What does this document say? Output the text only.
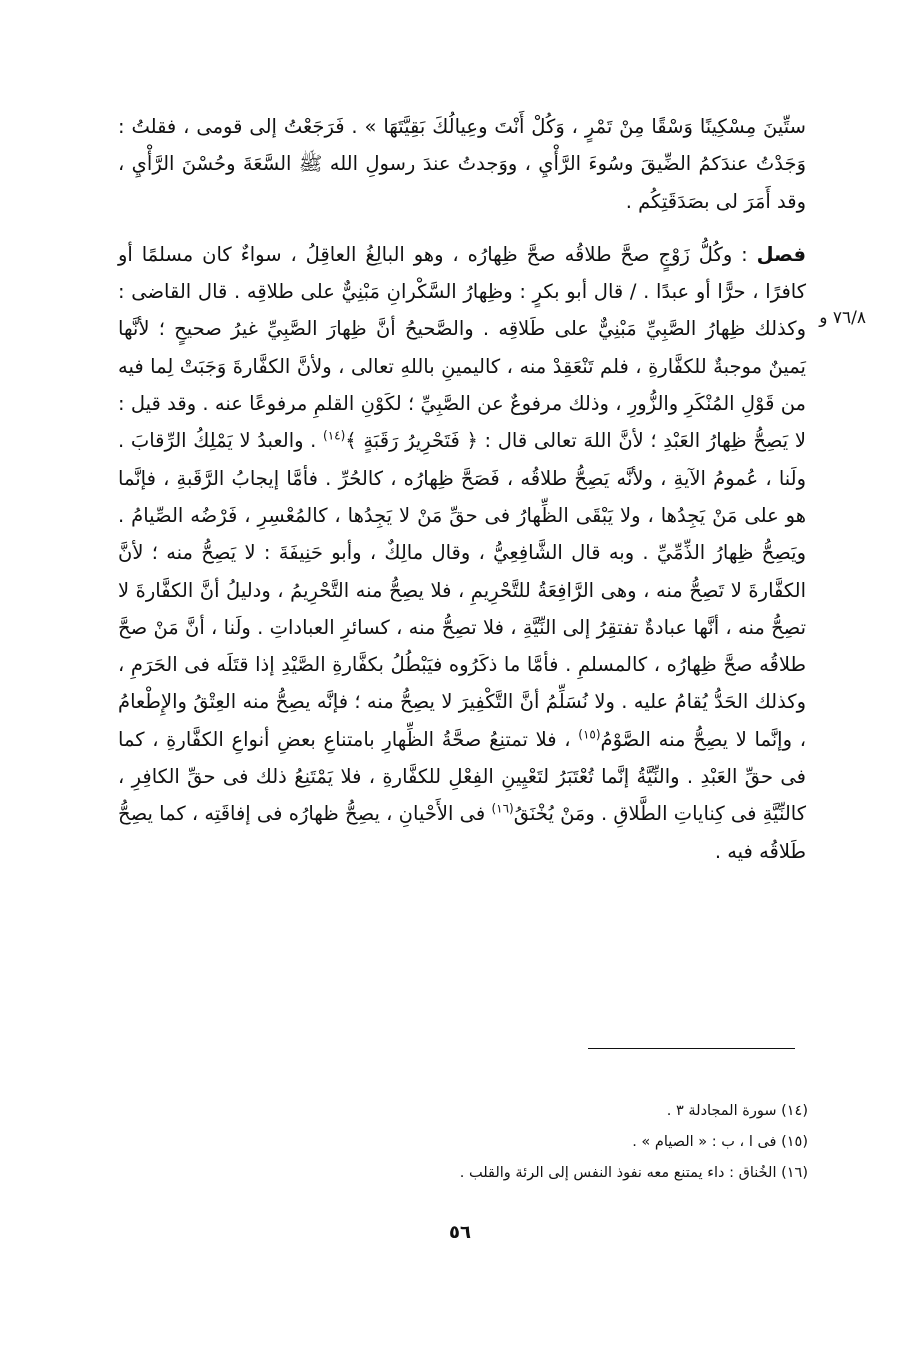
ستِّينَ مِسْكِينًا وَسْقًا مِنْ تَمْرٍ ، وَكُلْ أَنْتَ وعِيالُكَ بَقِيَّتَهَا » . فَرَجَعْتُ إلى قومى ، فقلتُ : وَجَدْتُ عندَكمُ الضِّيقَ وسُوءَ الرَّأْيِ ، ووَجدتُ عندَ رسولِ الله ﷺ السَّعَةَ وحُسْنَ الرَّأْيِ ، وقد أَمَرَ لى بصَدَقَتِكُم .

فصل : وكُلُّ زَوْجٍ صحَّ طلاقُه صحَّ ظِهارُه ، وهو البالِغُ العاقِلُ ، سواءٌ كان مسلمًا أو كافرًا ، حرًّا أو عبدًا . / قال أبو بكرٍ : وظِهارُ السَّكْرانِ مَبْنِيٌّ على طلاقِه . قال القاضى : وكذلك ظِهارُ الصَّبِيِّ مَبْنِيٌّ على طَلاقِه . والصَّحيحُ أنَّ ظِهارَ الصَّبِيِّ غيرُ صحيحٍ ؛ لأنَّها يَمينٌ موجبةٌ للكفَّارةِ ، فلم تَنْعَقِدْ منه ، كاليمينِ باللهِ تعالى ، ولأنَّ الكفَّارةَ وَجَبَتْ لِما فيه من قَوْلِ المُنْكَرِ والزُّورِ ، وذلك مرفوعٌ عن الصَّبِيِّ ؛ لكَوْنِ القلمِ مرفوعًا عنه . وقد قيل : لا يَصِحُّ ظِهارُ العَبْدِ ؛ لأنَّ اللهَ تعالى قال : ﴿ فَتَحْرِيرُ رَقَبَةٍ ﴾$^{(١٤)}$ . والعبدُ لا يَمْلِكُ الرِّقابَ . ولَنا ، عُمومُ الآيةِ ، ولأنَّه يَصِحُّ طلاقُه ، فَصَحَّ ظِهارُه ، كالحُرِّ . فأمَّا إيجابُ الرَّقَبةِ ، فإنَّما هو على مَنْ يَجِدُها ، ولا يَبْقَى الظِّهارُ فى حقِّ مَنْ لا يَجِدُها ، كالمُعْسِرِ ، فَرْضُه الصِّيامُ . ويَصِحُّ ظِهارُ الذِّمِّيِّ . وبه قال الشَّافِعِيُّ ، وقال مالِكٌ ، وأبو حَنِيفَةَ : لا يَصِحُّ منه ؛ لأنَّ الكفَّارةَ لا تَصِحُّ منه ، وهى الرَّافِعَةُ للتَّحْرِيمِ ، فلا يصِحُّ منه التَّحْرِيمُ ، ودليلُ أنَّ الكفَّارةَ لا تصِحُّ منه ، أنَّها عبادةٌ تفتقِرُ إلى النِّيَّةِ ، فلا تصِحُّ منه ، كسائرِ العباداتِ . ولَنا ، أنَّ مَنْ صحَّ طلاقُه صحَّ ظِهارُه ، كالمسلمِ . فأمَّا ما ذكَرُوه فيَبْطُلُ بكفَّارةِ الصَّيْدِ إذا قتَلَه فى الحَرَمِ ، وكذلك الحَدُّ يُقامُ عليه . ولا نُسَلِّمُ أنَّ التَّكْفِيرَ لا يصِحُّ منه ؛ فإنَّه يصِحُّ منه العِتْقُ والإِطْعامُ ، وإنَّما لا يصِحُّ منه الصَّوْمُ$^{(١٥)}$ ، فلا تمتنِعُ صحَّةُ الظِّهارِ بامتناعِ بعضِ أنواعِ الكفَّارةِ ، كما فى حقِّ العَبْدِ . والنِّيَّةُ إنَّما تُعْتَبَرُ لتَعْيِينِ الفِعْلِ للكفَّارةِ ، فلا يَمْتَنِعُ ذلك فى حقِّ الكافِرِ ، كالنِّيَّةِ فى كِناياتِ الطَّلاقِ . ومَنْ يُخْنَقُ$^{(١٦)}$ فى الأَحْيانِ ، يصِحُّ ظهارُه فى إفاقَتِه ، كما يصِحُّ طَلاقُه فيه .

٧٦/٨ و
(١٤) سورة المجادلة ٣ .
(١٥) فى ا ، ب : « الصيام » .
(١٦) الخُناق : داء يمتنع معه نفوذ النفس إلى الرئة والقلب .
٥٦
